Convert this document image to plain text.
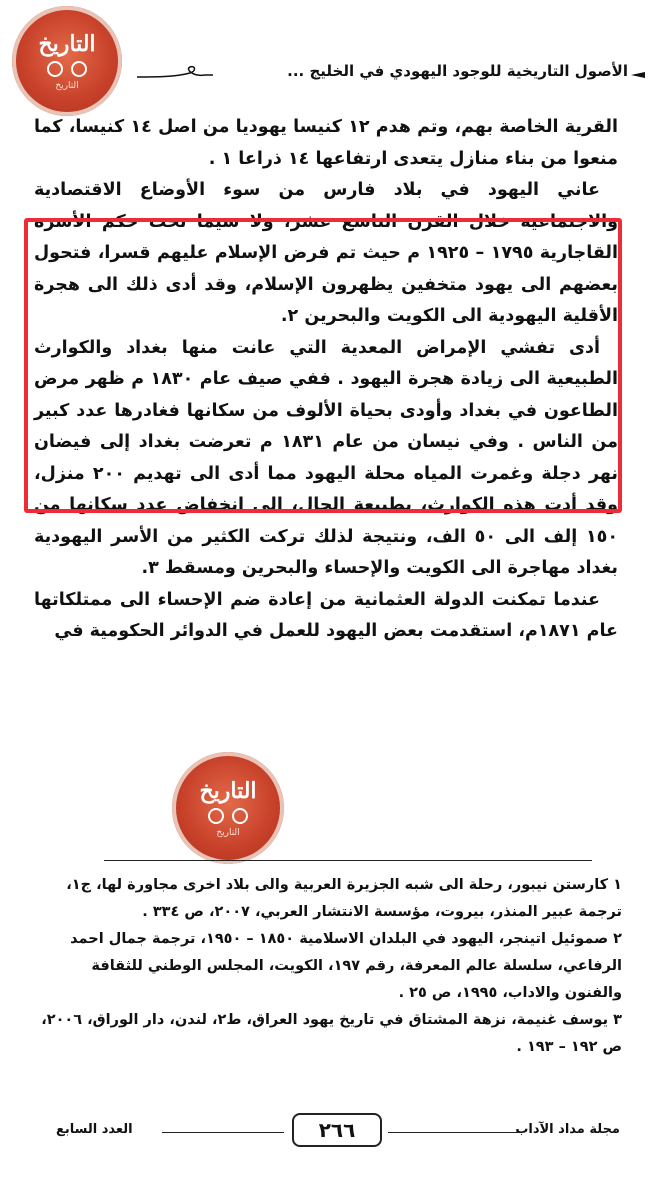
التاريخ
التاريخ
الأصول التاريخية للوجود اليهودي في الخليج ...

القرية الخاصة بهم، وتم هدم ١٢ كنيسا يهوديا من اصل ١٤ كنيسا، كما منعوا من بناء منازل يتعدى ارتفاعها ١٤ ذراعا ١ .

عاني اليهود في بلاد فارس من سوء الأوضاع الاقتصادية والاجتماعية خلال القرن التاسع عشر، ولا سيما تحت حكم الأسرة القاجارية ١٧٩٥ – ١٩٢٥ م حيث تم فرض الإسلام عليهم قسرا، فتحول بعضهم الى يهود متخفين يظهرون الإسلام، وقد أدى ذلك الى هجرة الأقلية اليهودية الى الكويت والبحرين ٢.

أدى تفشي الإمراض المعدية التي عانت منها بغداد والكوارث الطبيعية الى زيادة هجرة اليهود . ففي صيف عام ١٨٣٠ م ظهر مرض الطاعون في بغداد وأودى بحياة الألوف من سكانها فغادرها عدد كبير من الناس . وفي نيسان من عام ١٨٣١ م تعرضت بغداد إلى فيضان نهر دجلة وغمرت المياه محلة اليهود مما أدى الى تهديم ٢٠٠ منزل، وقد أدت هذه الكوارث، بطبيعة الحال، الى انخفاض عدد سكانها من ١٥٠ إلف الى ٥٠ الف، ونتيجة لذلك تركت الكثير من الأسر اليهودية بغداد مهاجرة الى الكويت والإحساء والبحرين ومسقط ٣.

عندما تمكنت الدولة العثمانية من إعادة ضم الإحساء الى ممتلكاتها عام ١٨٧١م، استقدمت بعض اليهود للعمل في الدوائر الحكومية في

التاريخ
التاريخ

١ كارستن نيبور، رحلة الى شبه الجزيرة العربية والى بلاد اخرى مجاورة لها، ج١، ترجمة عبير المنذر، بيروت، مؤسسة الانتشار العربي، ٢٠٠٧، ص ٣٣٤ .

٢ صموئيل اتينجر، اليهود في البلدان الاسلامية ١٨٥٠ – ١٩٥٠، ترجمة جمال احمد الرفاعي، سلسلة عالم المعرفة، رقم ١٩٧، الكويت، المجلس الوطني للثقافة والفنون والاداب، ١٩٩٥، ص ٢٥ .

٣ يوسف غنيمة، نزهة المشتاق في تاريخ يهود العراق، ط٢، لندن، دار الوراق، ٢٠٠٦، ص ١٩٢ – ١٩٣ .

مجلة مداد الآداب
٢٦٦
العدد السابع
